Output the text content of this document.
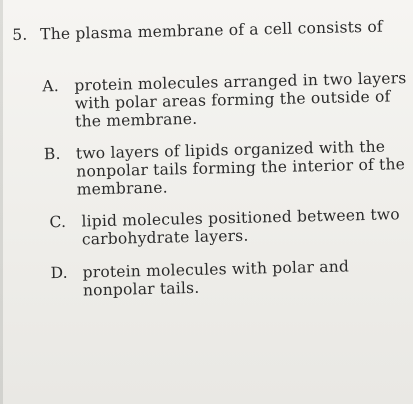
5. The plasma membrane of a cell consists of
A. protein molecules arranged in two layers with polar areas forming the outside of the membrane.
B. two layers of lipids organized with the nonpolar tails forming the interior of the membrane.
C. lipid molecules positioned between two carbohydrate layers.
D. protein molecules with polar and nonpolar tails.
